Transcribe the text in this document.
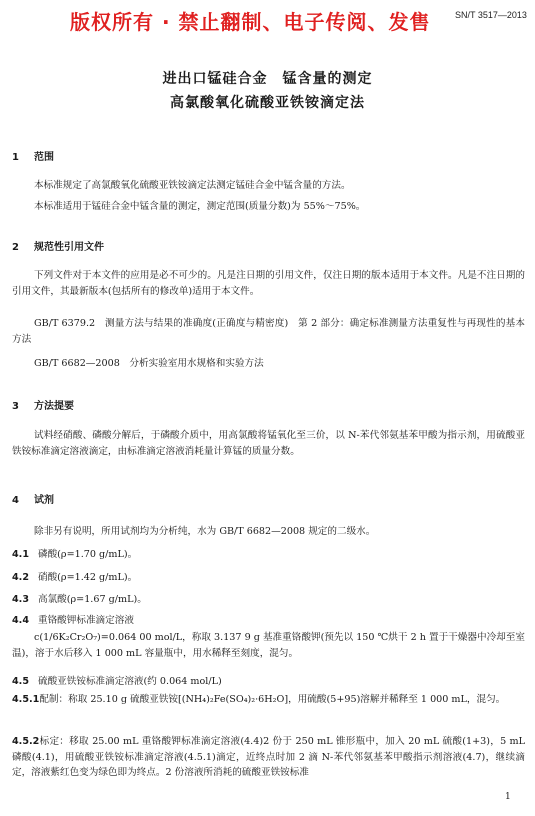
版权所有 · 禁止翻制、电子传阅、发售	SN/T 3517—2013
进出口锰硅合金　锰含量的测定
高氯酸氧化硫酸亚铁铵滴定法
1 范围
本标准规定了高氯酸氧化硫酸亚铁铵滴定法测定锰硅合金中锰含量的方法。
本标准适用于锰硅合金中锰含量的测定，测定范围(质量分数)为 55%～75%。
2 规范性引用文件
下列文件对于本文件的应用是必不可少的。凡是注日期的引用文件，仅注日期的版本适用于本文件。凡是不注日期的引用文件，其最新版本(包括所有的修改单)适用于本文件。
GB/T 6379.2　测量方法与结果的准确度(正确度与精密度)　第 2 部分：确定标准测量方法重复性与再现性的基本方法
GB/T 6682—2008　分析实验室用水规格和实验方法
3 方法提要
试料经硝酸、磷酸分解后，于磷酸介质中，用高氯酸将锰氧化至三价，以 N-苯代邻氨基苯甲酸为指示剂，用硫酸亚铁铵标准滴定溶液滴定，由标准滴定溶液消耗量计算锰的质量分数。
4 试剂
除非另有说明，所用试剂均为分析纯，水为 GB/T 6682—2008 规定的二级水。
4.1 磷酸(ρ=1.70 g/mL)。
4.2 硝酸(ρ=1.42 g/mL)。
4.3 高氯酸(ρ=1.67 g/mL)。
4.4 重铬酸钾标准滴定溶液
c(1/6K₂Cr₂O₇)=0.064 00 mol/L，称取 3.137 9 g 基准重铬酸钾(预先以 150 ℃烘干 2 h 置于干燥器中冷却至室温)，溶于水后移入 1 000 mL 容量瓶中，用水稀释至刻度，混匀。
4.5 硫酸亚铁铵标准滴定溶液(约 0.064 mol/L)
4.5.1配制：称取 25.10 g 硫酸亚铁铵[(NH₄)₂Fe(SO₄)₂·6H₂O]，用硫酸(5+95)溶解并稀释至 1 000 mL，混匀。
4.5.2标定：移取 25.00 mL 重铬酸钾标准滴定溶液(4.4)2 份于 250 mL 锥形瓶中，加入 20 mL 硫酸(1+3)，5 mL 磷酸(4.1)，用硫酸亚铁铵标准滴定溶液(4.5.1)滴定，近终点时加 2 滴 N-苯代邻氨基苯甲酸指示剂溶液(4.7)，继续滴定，溶液紫红色变为绿色即为终点。2 份溶液所消耗的硫酸亚铁铵标准
1
